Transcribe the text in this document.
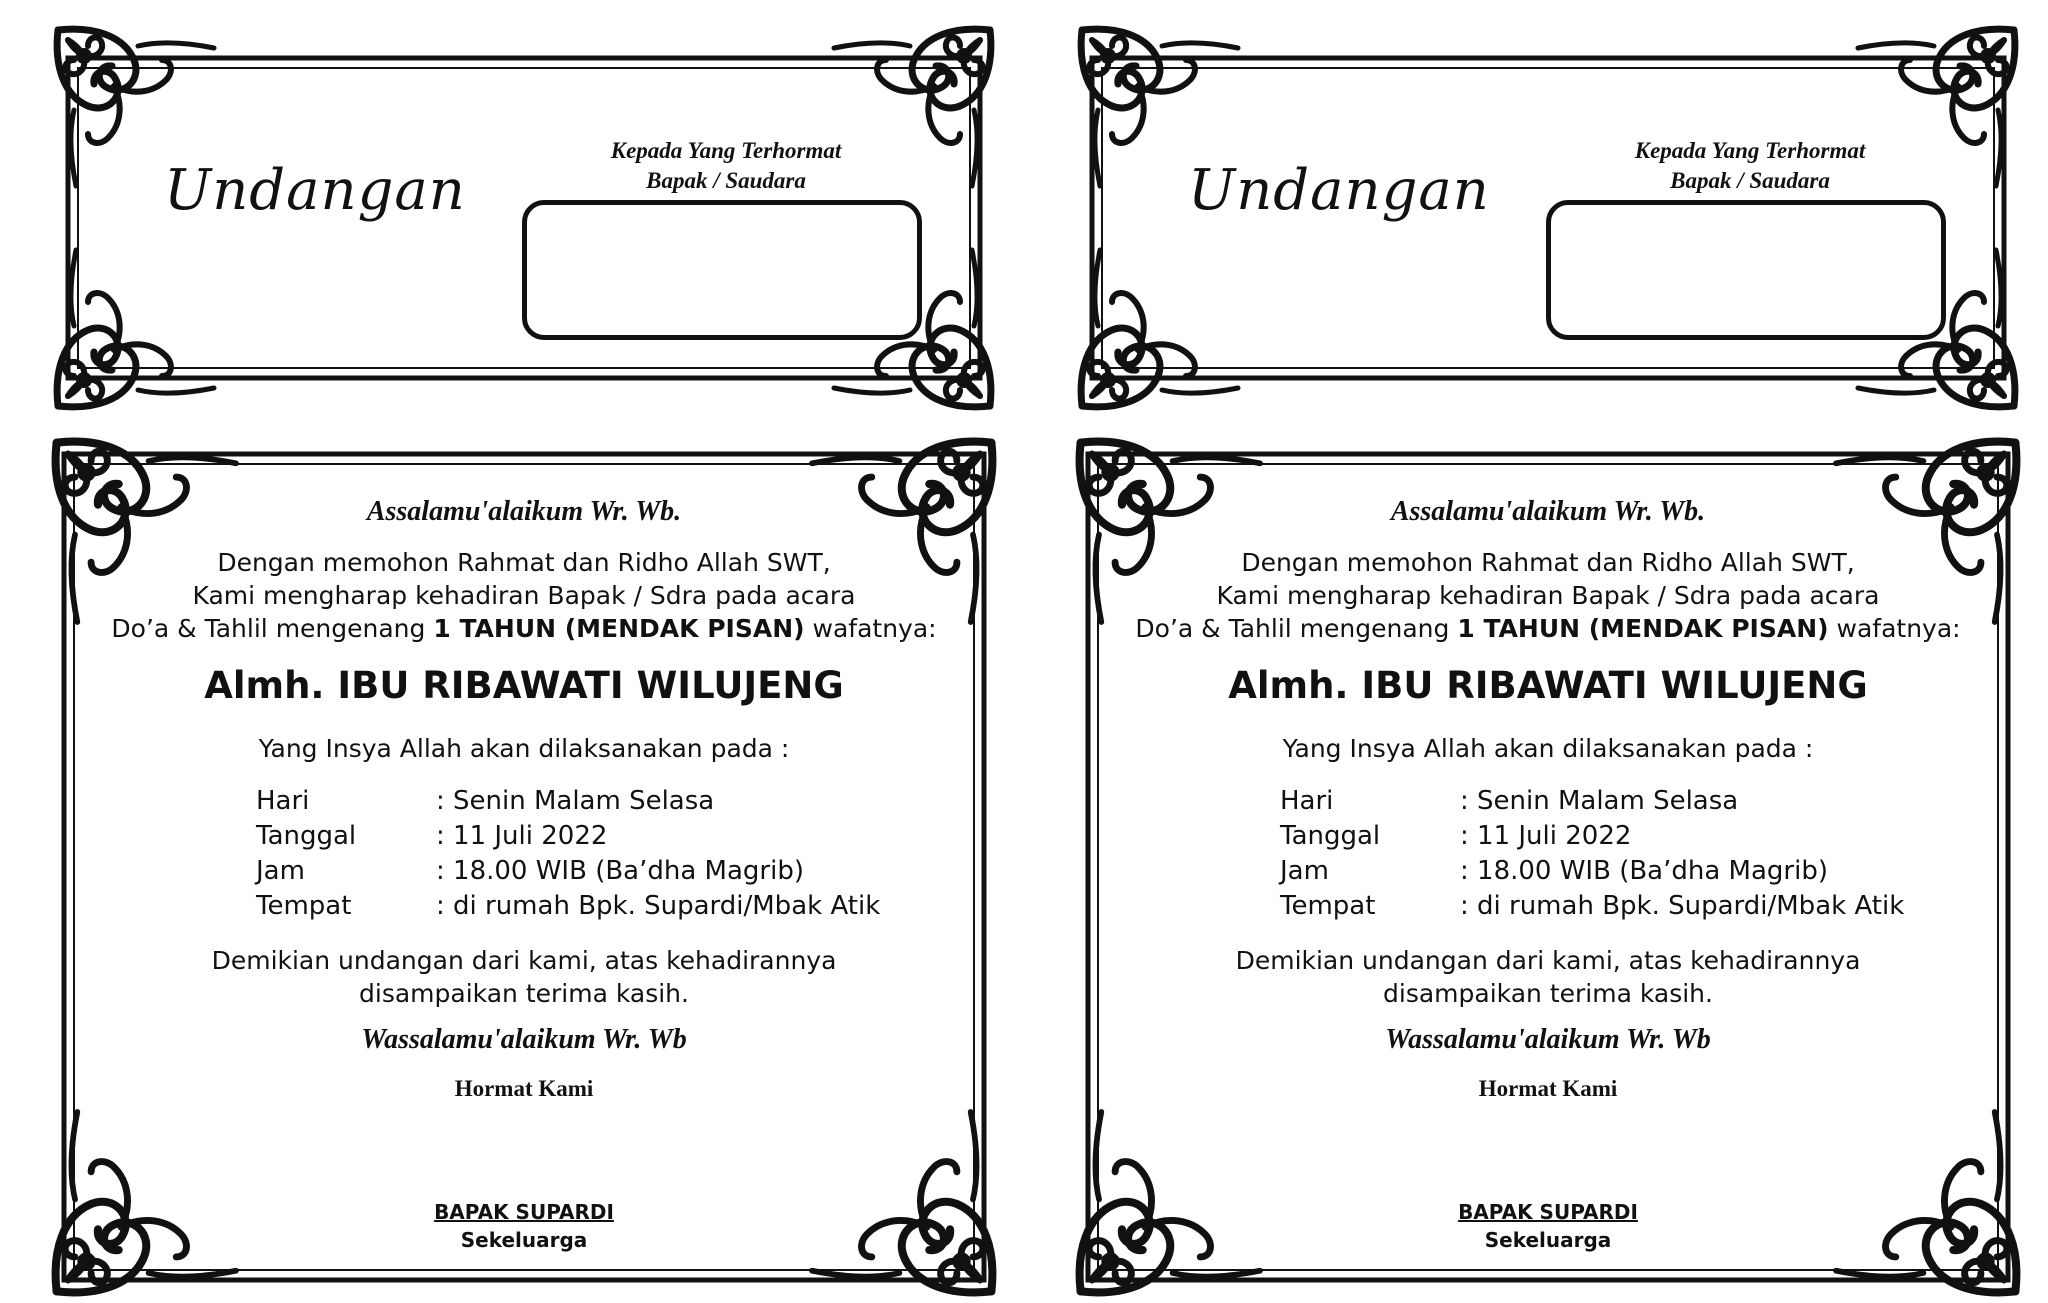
Undangan
Kepada Yang Terhormat
Bapak / Saudara
Assalamu'alaikum Wr. Wb.
Dengan memohon Rahmat dan Ridho Allah SWT,
Kami mengharap kehadiran Bapak / Sdra pada acara
Do’a & Tahlil mengenang 1 TAHUN (MENDAK PISAN) wafatnya:
Almh. IBU RIBAWATI WILUJENG
Yang Insya Allah akan dilaksanakan pada :
Hari	: Senin Malam Selasa
Tanggal	: 11 Juli 2022
Jam	: 18.00 WIB (Ba’dha Magrib)
Tempat	: di rumah Bpk. Supardi/Mbak Atik
Demikian undangan dari kami, atas kehadirannya
disampaikan terima kasih.
Wassalamu'alaikum Wr. Wb
Hormat Kami
BAPAK SUPARDI
Sekeluarga
Undangan
Kepada Yang Terhormat
Bapak / Saudara
Assalamu'alaikum Wr. Wb.
Dengan memohon Rahmat dan Ridho Allah SWT,
Kami mengharap kehadiran Bapak / Sdra pada acara
Do’a & Tahlil mengenang 1 TAHUN (MENDAK PISAN) wafatnya:
Almh. IBU RIBAWATI WILUJENG
Yang Insya Allah akan dilaksanakan pada :
Hari	: Senin Malam Selasa
Tanggal	: 11 Juli 2022
Jam	: 18.00 WIB (Ba’dha Magrib)
Tempat	: di rumah Bpk. Supardi/Mbak Atik
Demikian undangan dari kami, atas kehadirannya
disampaikan terima kasih.
Wassalamu'alaikum Wr. Wb
Hormat Kami
BAPAK SUPARDI
Sekeluarga
